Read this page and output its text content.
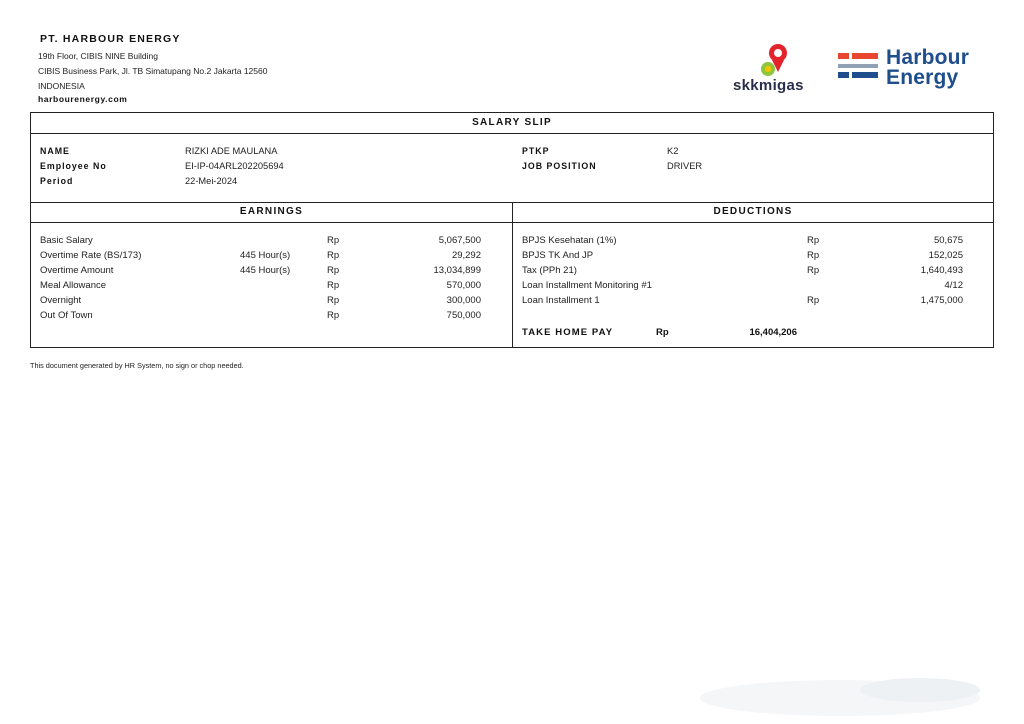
PT. HARBOUR ENERGY
19th Floor, CIBIS NINE Building
CIBIS Business Park, Jl. TB Simatupang No.2 Jakarta 12560
INDONESIA
harbourenergy.com
skkmigas
Harbour
Energy
SALARY SLIP
NAME	RIZKI ADE MAULANA
Employee No	EI-IP-04ARL202205694
Period	22-Mei-2024
PTKP	K2
JOB POSITION	DRIVER
EARNINGS	DEDUCTIONS
Basic Salary	Rp	5,067,500
Overtime Rate (BS/173)	445 Hour(s)	Rp	29,292
Overtime Amount	445 Hour(s)	Rp	13,034,899
Meal Allowance	Rp	570,000
Overnight	Rp	300,000
Out Of Town	Rp	750,000
BPJS Kesehatan (1%)	Rp	50,675
BPJS TK And JP	Rp	152,025
Tax (PPh 21)	Rp	1,640,493
Loan Installment Monitoring #1	4/12
Loan Installment 1	Rp	1,475,000
TAKE HOME PAY	Rp	16,404,206
This document generated by HR System, no sign or chop needed.
